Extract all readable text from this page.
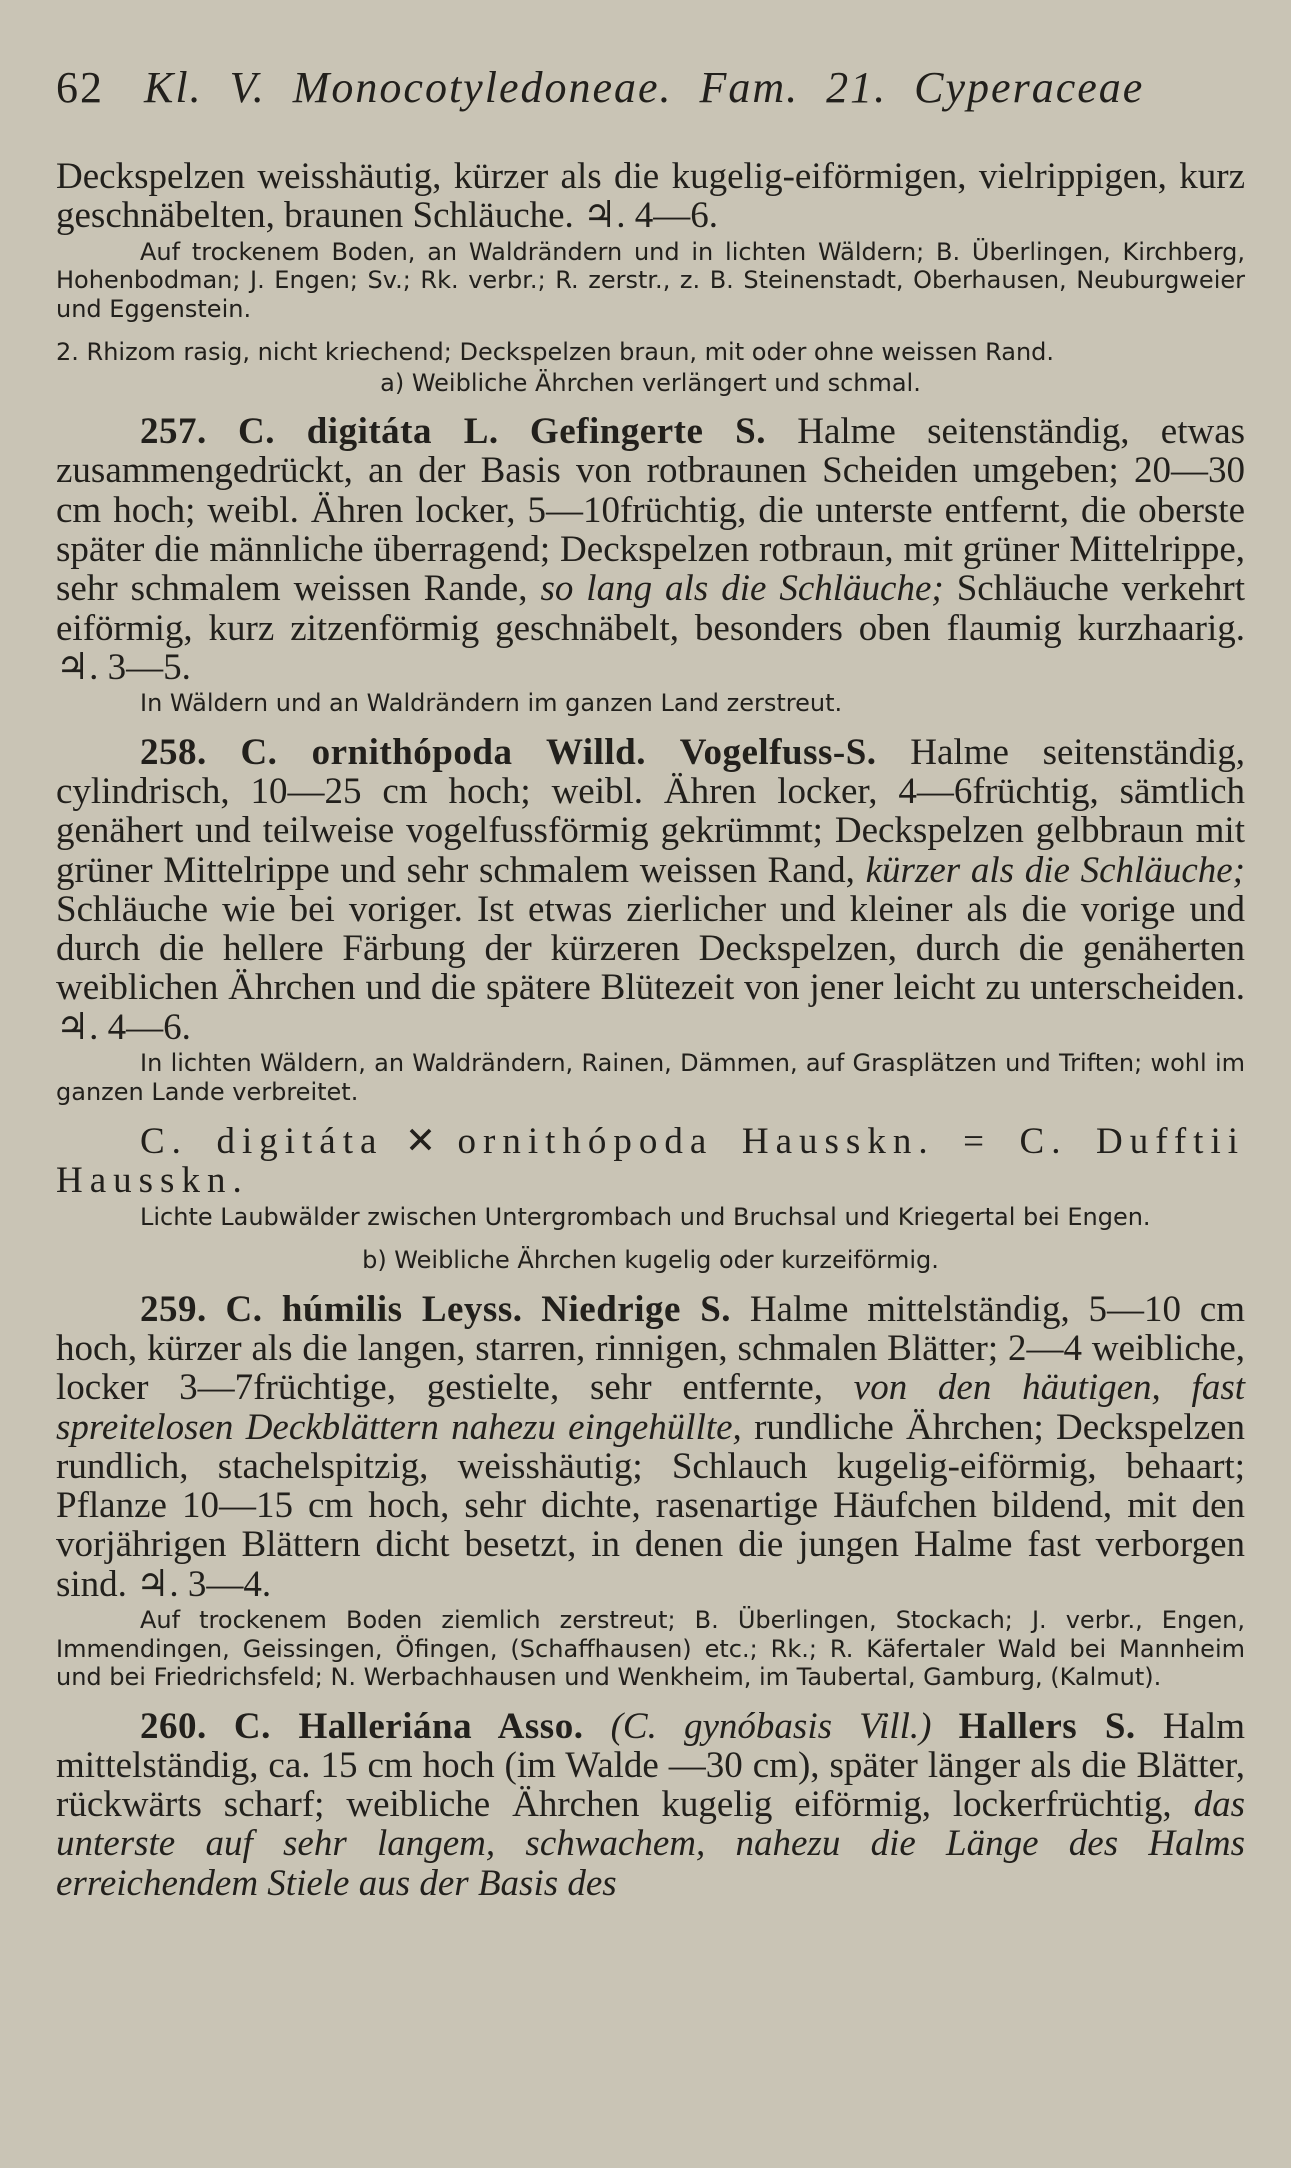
62 Kl. V. Monocotyledoneae. Fam. 21. Cyperaceae

Deckspelzen weisshäutig, kürzer als die kugelig-eiförmigen, vielrippigen, kurz geschnäbelten, braunen Schläuche. ♃. 4—6.

Auf trockenem Boden, an Waldrändern und in lichten Wäldern; B. Überlingen, Kirchberg, Hohenbodman; J. Engen; Sv.; Rk. verbr.; R. zerstr., z. B. Steinenstadt, Oberhausen, Neuburgweier und Eggenstein.

2. Rhizom rasig, nicht kriechend; Deckspelzen braun, mit oder ohne weissen Rand.

a) Weibliche Ährchen verlängert und schmal.

257. C. digitáta L. Gefingerte S. Halme seitenständig, etwas zusammengedrückt, an der Basis von rotbraunen Scheiden umgeben; 20—30 cm hoch; weibl. Ähren locker, 5—10früchtig, die unterste entfernt, die oberste später die männliche überragend; Deckspelzen rotbraun, mit grüner Mittelrippe, sehr schmalem weissen Rande, so lang als die Schläuche; Schläuche verkehrt eiförmig, kurz zitzenförmig geschnäbelt, besonders oben flaumig kurzhaarig. ♃. 3—5.

In Wäldern und an Waldrändern im ganzen Land zerstreut.

258. C. ornithópoda Willd. Vogelfuss-S. Halme seitenständig, cylindrisch, 10—25 cm hoch; weibl. Ähren locker, 4—6früchtig, sämtlich genähert und teilweise vogelfussförmig gekrümmt; Deckspelzen gelbbraun mit grüner Mittelrippe und sehr schmalem weissen Rand, kürzer als die Schläuche; Schläuche wie bei voriger. Ist etwas zierlicher und kleiner als die vorige und durch die hellere Färbung der kürzeren Deckspelzen, durch die genäherten weiblichen Ährchen und die spätere Blütezeit von jener leicht zu unterscheiden. ♃. 4—6.

In lichten Wäldern, an Waldrändern, Rainen, Dämmen, auf Grasplätzen und Triften; wohl im ganzen Lande verbreitet.

C. digitáta ✕ ornithópoda Hausskn. = C. Dufftii Hausskn.

Lichte Laubwälder zwischen Untergrombach und Bruchsal und Kriegertal bei Engen.

b) Weibliche Ährchen kugelig oder kurzeiförmig.

259. C. húmilis Leyss. Niedrige S. Halme mittelständig, 5—10 cm hoch, kürzer als die langen, starren, rinnigen, schmalen Blätter; 2—4 weibliche, locker 3—7früchtige, gestielte, sehr entfernte, von den häutigen, fast spreitelosen Deckblättern nahezu eingehüllte, rundliche Ährchen; Deckspelzen rundlich, stachelspitzig, weisshäutig; Schlauch kugelig-eiförmig, behaart; Pflanze 10—15 cm hoch, sehr dichte, rasenartige Häufchen bildend, mit den vorjährigen Blättern dicht besetzt, in denen die jungen Halme fast verborgen sind. ♃. 3—4.

Auf trockenem Boden ziemlich zerstreut; B. Überlingen, Stockach; J. verbr., Engen, Immendingen, Geissingen, Öfingen, (Schaffhausen) etc.; Rk.; R. Käfertaler Wald bei Mannheim und bei Friedrichsfeld; N. Werbachhausen und Wenkheim, im Taubertal, Gamburg, (Kalmut).

260. C. Halleriána Asso. (C. gynóbasis Vill.) Hallers S. Halm mittelständig, ca. 15 cm hoch (im Walde —30 cm), später länger als die Blätter, rückwärts scharf; weibliche Ährchen kugelig eiförmig, lockerfrüchtig, das unterste auf sehr langem, schwachem, nahezu die Länge des Halms erreichendem Stiele aus der Basis des
